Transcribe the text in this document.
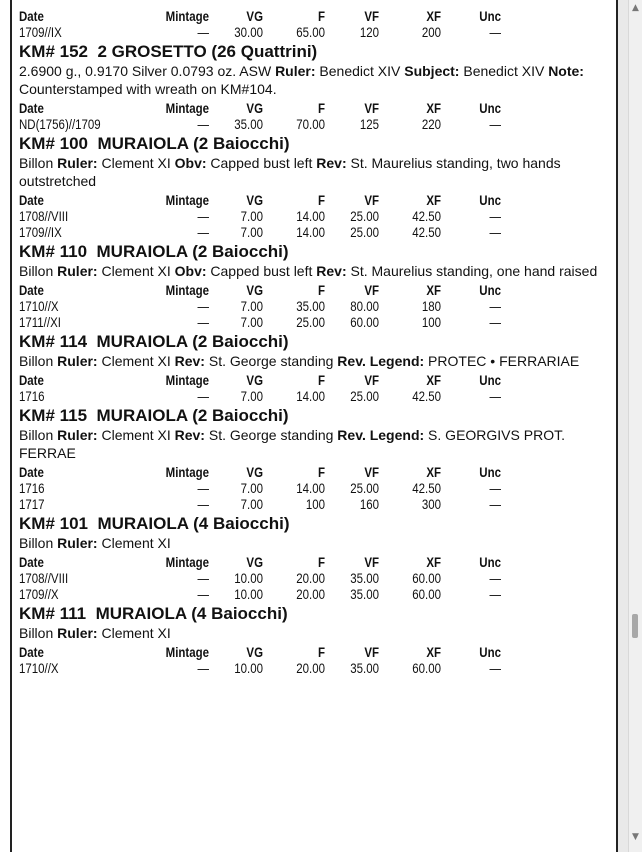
Date	Mintage	VG	F	VF	XF	Unc
1709//IX	—	30.00	65.00	120	200	—
KM# 152 2 GROSETTO (26 Quattrini)
2.6900 g., 0.9170 Silver 0.0793 oz. ASW Ruler: Benedict XIV Subject: Benedict XIV Note: Counterstamped with wreath on KM#104.
Date	Mintage	VG	F	VF	XF	Unc
ND(1756)//1709	—	35.00	70.00	125	220	—
KM# 100 MURAIOLA (2 Baiocchi)
Billon Ruler: Clement XI Obv: Capped bust left Rev: St. Maurelius standing, two hands outstretched
Date	Mintage	VG	F	VF	XF	Unc
1708//VIII	—	7.00	14.00	25.00	42.50	—
1709//IX	—	7.00	14.00	25.00	42.50	—
KM# 110 MURAIOLA (2 Baiocchi)
Billon Ruler: Clement XI Obv: Capped bust left Rev: St. Maurelius standing, one hand raised
Date	Mintage	VG	F	VF	XF	Unc
1710//X	—	7.00	35.00	80.00	180	—
1711//XI	—	7.00	25.00	60.00	100	—
KM# 114 MURAIOLA (2 Baiocchi)
Billon Ruler: Clement XI Rev: St. George standing Rev. Legend: PROTEC • FERRARIAE
Date	Mintage	VG	F	VF	XF	Unc
1716	—	7.00	14.00	25.00	42.50	—
KM# 115 MURAIOLA (2 Baiocchi)
Billon Ruler: Clement XI Rev: St. George standing Rev. Legend: S. GEORGIVS PROT. FERRAE
Date	Mintage	VG	F	VF	XF	Unc
1716	—	7.00	14.00	25.00	42.50	—
1717	—	7.00	100	160	300	—
KM# 101 MURAIOLA (4 Baiocchi)
Billon Ruler: Clement XI
Date	Mintage	VG	F	VF	XF	Unc
1708//VIII	—	10.00	20.00	35.00	60.00	—
1709//X	—	10.00	20.00	35.00	60.00	—
KM# 111 MURAIOLA (4 Baiocchi)
Billon Ruler: Clement XI
Date	Mintage	VG	F	VF	XF	Unc
1710//X	—	10.00	20.00	35.00	60.00	—
▲
▼
